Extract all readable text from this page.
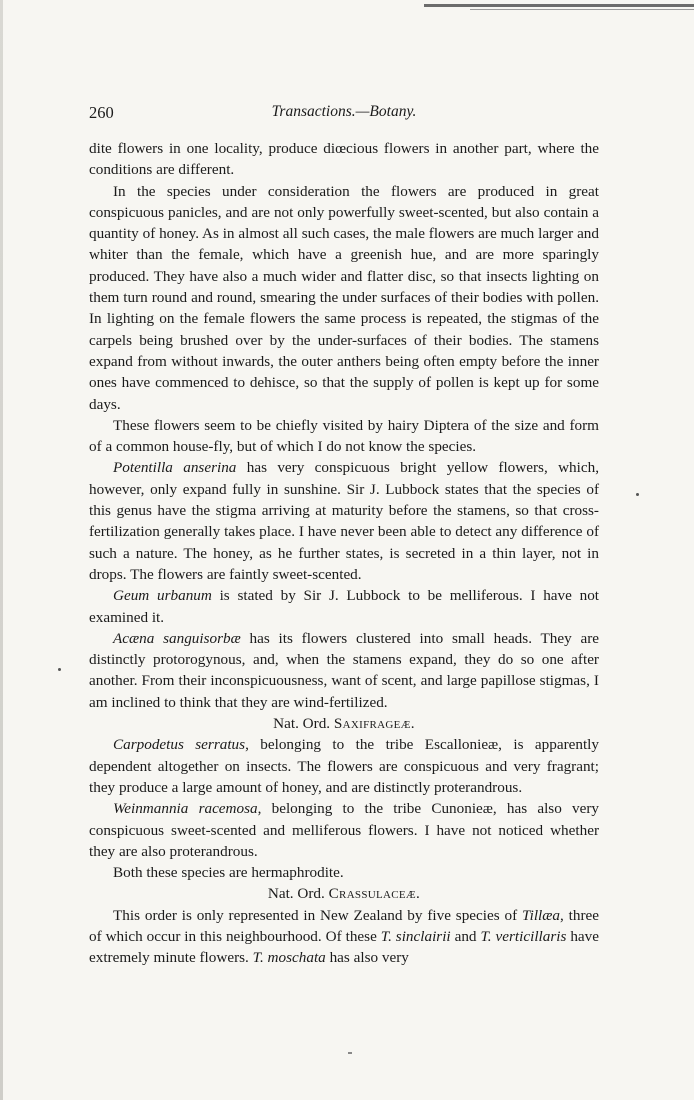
260	Transactions.—Botany.

dite flowers in one locality, produce diœcious flowers in another part, where the conditions are different.

In the species under consideration the flowers are produced in great conspicuous panicles, and are not only powerfully sweet-scented, but also contain a quantity of honey. As in almost all such cases, the male flowers are much larger and whiter than the female, which have a greenish hue, and are more sparingly produced. They have also a much wider and flatter disc, so that insects lighting on them turn round and round, smearing the under surfaces of their bodies with pollen. In lighting on the female flowers the same process is repeated, the stigmas of the carpels being brushed over by the under-surfaces of their bodies. The stamens expand from without inwards, the outer anthers being often empty before the inner ones have commenced to dehisce, so that the supply of pollen is kept up for some days.

These flowers seem to be chiefly visited by hairy Diptera of the size and form of a common house-fly, but of which I do not know the species.

Potentilla anserina has very conspicuous bright yellow flowers, which, however, only expand fully in sunshine. Sir J. Lubbock states that the species of this genus have the stigma arriving at maturity before the stamens, so that cross-fertilization generally takes place. I have never been able to detect any difference of such a nature. The honey, as he further states, is secreted in a thin layer, not in drops. The flowers are faintly sweet-scented.

Geum urbanum is stated by Sir J. Lubbock to be melliferous. I have not examined it.

Acæna sanguisorbæ has its flowers clustered into small heads. They are distinctly protorogynous, and, when the stamens expand, they do so one after another. From their inconspicuousness, want of scent, and large papillose stigmas, I am inclined to think that they are wind-fertilized.

Nat. Ord. Saxifrageæ.

Carpodetus serratus, belonging to the tribe Escalloniеæ, is apparently dependent altogether on insects. The flowers are conspicuous and very fragrant; they produce a large amount of honey, and are distinctly proterandrous.

Weinmannia racemosa, belonging to the tribe Cunonieæ, has also very conspicuous sweet-scented and melliferous flowers. I have not noticed whether they are also proterandrous.

Both these species are hermaphrodite.

Nat. Ord. Crassulaceæ.

This order is only represented in New Zealand by five species of Tillæa, three of which occur in this neighbourhood. Of these T. sinclairii and T. verticillaris have extremely minute flowers. T. moschata has also very
